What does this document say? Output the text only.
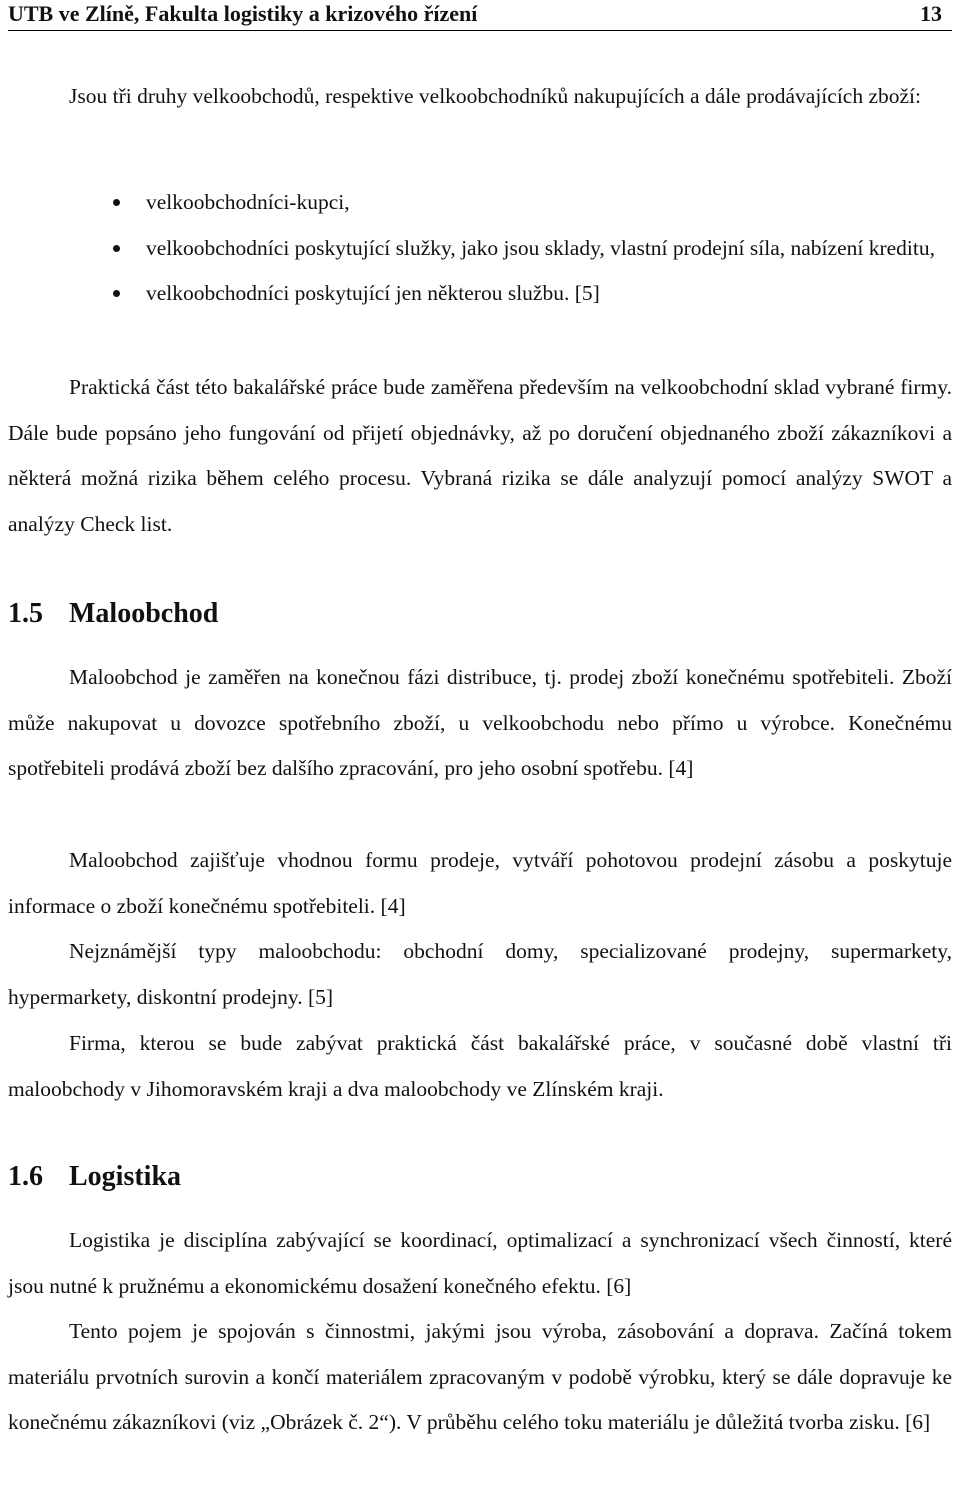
UTB ve Zlíně, Fakulta logistiky a krizového řízení	13

Jsou tři druhy velkoobchodů, respektive velkoobchodníků nakupujících a dále prodávajících zboží:

velkoobchodníci-kupci,
velkoobchodníci poskytující služky, jako jsou sklady, vlastní prodejní síla, nabízení kreditu,
velkoobchodníci poskytující jen některou službu. [5]

Praktická část této bakalářské práce bude zaměřena především na velkoobchodní sklad vybrané firmy. Dále bude popsáno jeho fungování od přijetí objednávky, až po doručení objednaného zboží zákazníkovi a některá možná rizika během celého procesu. Vybraná rizika se dále analyzují pomocí analýzy SWOT a analýzy Check list.

1.5 Maloobchod

Maloobchod je zaměřen na konečnou fázi distribuce, tj. prodej zboží konečnému spotřebiteli. Zboží může nakupovat u dovozce spotřebního zboží, u velkoobchodu nebo přímo u výrobce. Konečnému spotřebiteli prodává zboží bez dalšího zpracování, pro jeho osobní spotřebu. [4]

Maloobchod zajišťuje vhodnou formu prodeje, vytváří pohotovou prodejní zásobu a poskytuje informace o zboží konečnému spotřebiteli. [4]

Nejznámější typy maloobchodu: obchodní domy, specializované prodejny, supermarkety, hypermarkety, diskontní prodejny. [5]

Firma, kterou se bude zabývat praktická část bakalářské práce, v současné době vlastní tři maloobchody v Jihomoravském kraji a dva maloobchody ve Zlínském kraji.

1.6 Logistika

Logistika je disciplína zabývající se koordinací, optimalizací a synchronizací všech činností, které jsou nutné k pružnému a ekonomickému dosažení konečného efektu. [6]

Tento pojem je spojován s činnostmi, jakými jsou výroba, zásobování a doprava. Začíná tokem materiálu prvotních surovin a končí materiálem zpracovaným v podobě výrobku, který se dále dopravuje ke konečnému zákazníkovi (viz „Obrázek č. 2“). V průběhu celého toku materiálu je důležitá tvorba zisku. [6]
